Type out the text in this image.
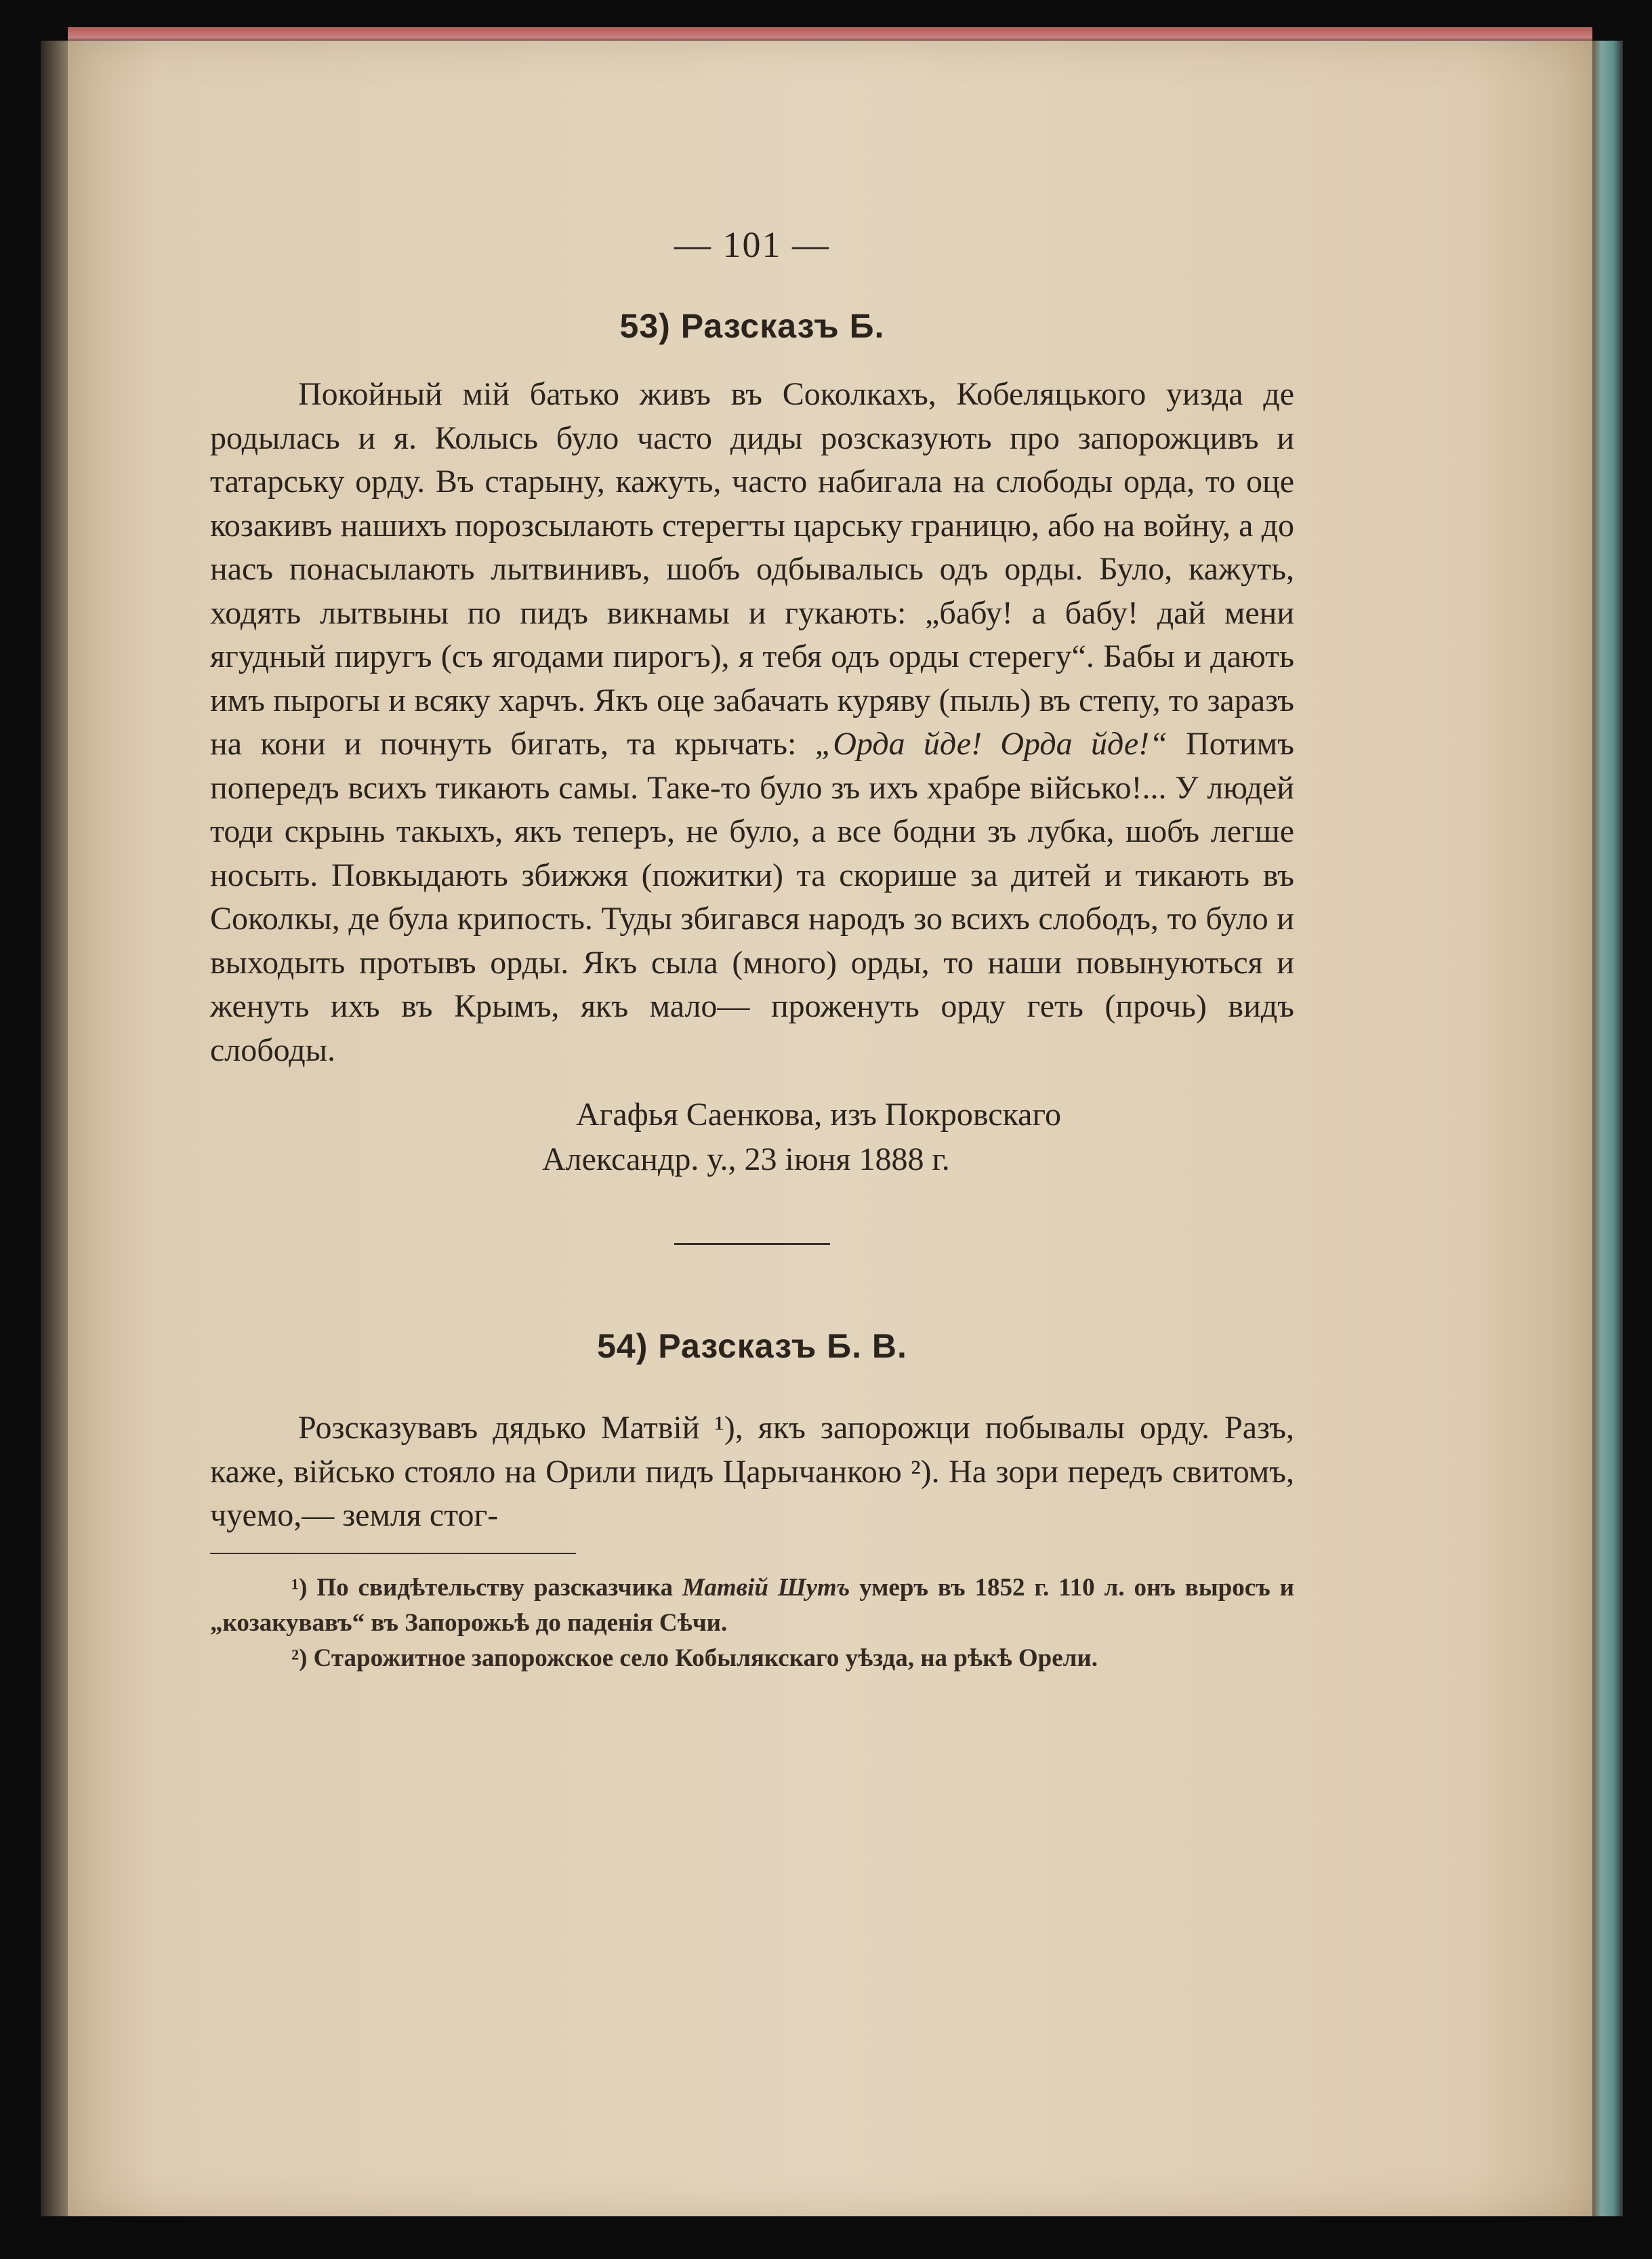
— 101 —
53) Разсказъ Б.

Покойный мій батько живъ въ Соколкахъ, Кобеляцького уизда де родылась и я. Колысь було часто диды розсказують про запорожцивъ и татарську орду. Въ старыну, кажуть, часто набигала на слободы орда, то оце козакивъ нашихъ порозсылають стерегты царську границю, або на войну, а до насъ понасылають лытвинивъ, шобъ одбывалысь одъ орды. Було, кажуть, ходять лытвыны по пидъ викнамы и гукають: „бабу! а бабу! дай мени ягудный пиругъ (съ ягодами пирогъ), я тебя одъ орды стерегу“. Бабы и дають имъ пырогы и всяку харчъ. Якъ оце забачать куряву (пыль) въ степу, то заразъ на кони и почнуть бигать, та крычать: „Орда йде! Орда йде!“ Потимъ попередъ всихъ тикають самы. Таке-то було зъ ихъ храбре військо!... У людей тоди скрынь такыхъ, якъ теперъ, не було, а все бодни зъ лубка, шобъ легше носыть. Повкыдають збижжя (пожитки) та скорише за дитей и тикають въ Соколкы, де була крипость. Туды збигався народъ зо всихъ слободъ, то було и выходыть протывъ орды. Якъ сыла (много) орды, то наши повынуються и женуть ихъ въ Крымъ, якъ мало— проженуть орду геть (прочь) видъ слободы.

Агафья Саенкова, изъ Покровскаго
Александр. у., 23 іюня 1888 г.
54) Разсказъ Б. В.

Розсказувавъ дядько Матвій ¹), якъ запорожци побывалы орду. Разъ, каже, військо стояло на Орили пидъ Царычанкою ²). На зори передъ свитомъ, чуемо,— земля стог-

¹) По свидѣтельству разсказчика Матвій Шутъ умеръ въ 1852 г. 110 л. онъ выросъ и „козакувавъ“ въ Запорожьѣ до паденія Сѣчи.

²) Старожитное запорожское село Кобылякскаго уѣзда, на рѣкѣ Орели.
